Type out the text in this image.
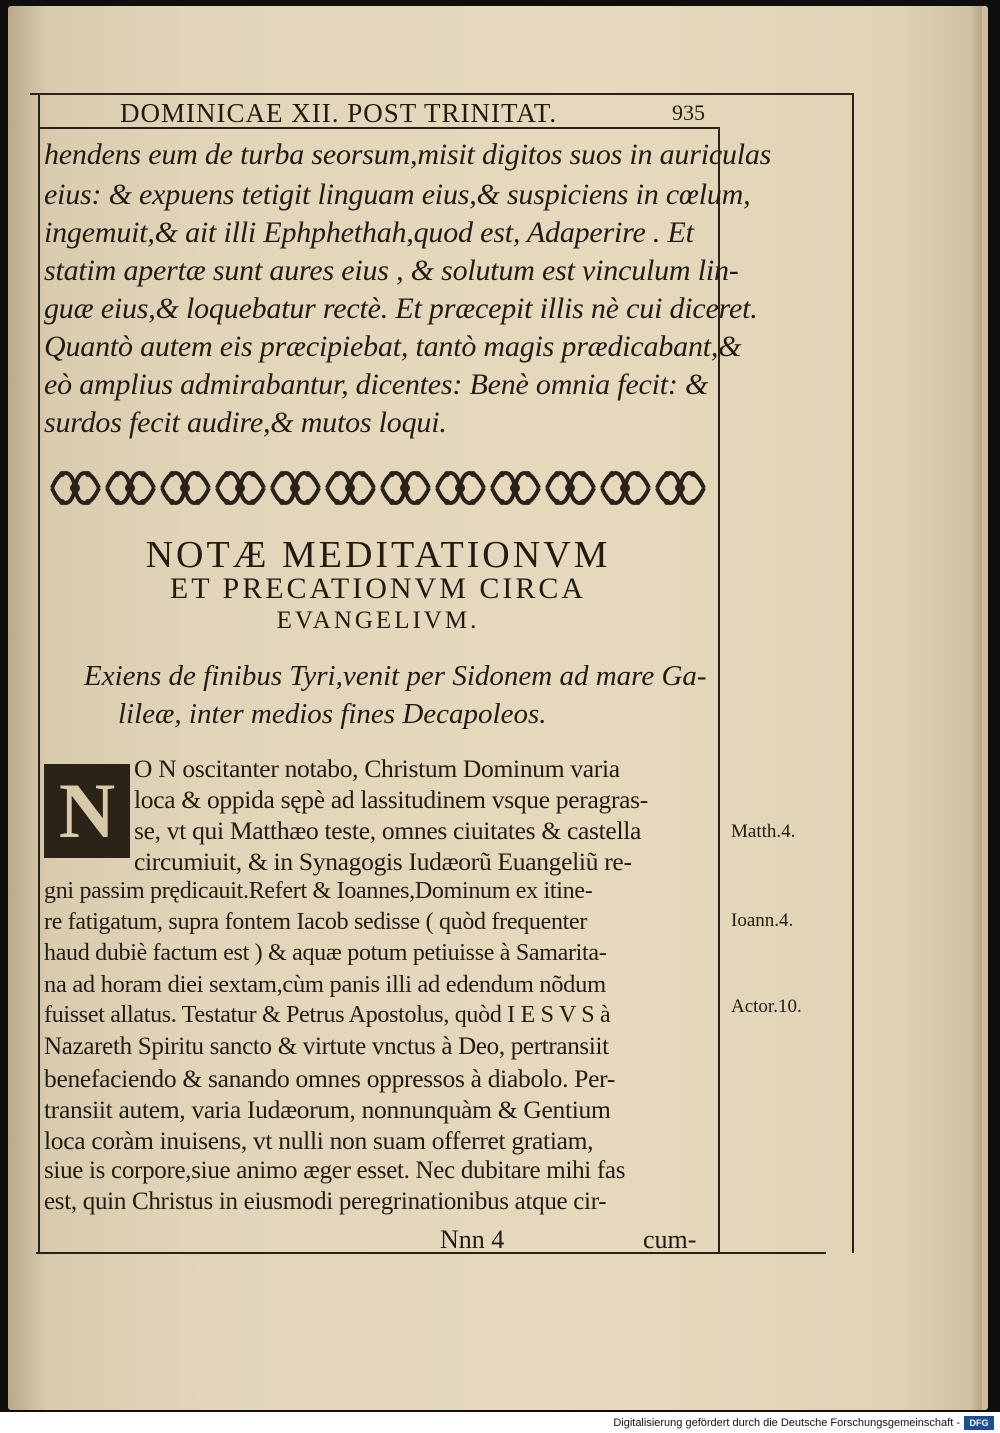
DOMINICAE XII. POST TRINITAT.	935
hendens eum de turba seorsum,misit digitos suos in auriculas
eius: & expuens tetigit linguam eius,& suspiciens in cœlum,
ingemuit,& ait illi Ephphethah,quod est, Adaperire . Et
statim apertæ sunt aures eius , & solutum est vinculum lin-
guæ eius,& loquebatur rectè. Et præcepit illis nè cui diceret.
Quantò autem eis præcipiebat, tantò magis prædicabant,&
eò amplius admirabantur, dicentes: Benè omnia fecit: &
surdos fecit audire,& mutos loqui.
NOTÆ MEDITATIONVM
ET PRECATIONVM CIRCA
EVANGELIVM.
Exiens de finibus Tyri,venit per Sidonem ad mare Ga-
lileæ, inter medios fines Decapoleos.
N O N oscitanter notabo, Christum Dominum varia
loca & oppida sępè ad lassitudinem vsque peragras-
se, vt qui Matthæo teste, omnes ciuitates & castella
circumiuit, & in Synagogis Iudæorũ Euangeliũ re-
gni passim prędicauit.Refert & Ioannes,Dominum ex itine-
re fatigatum, supra fontem Iacob sedisse ( quòd frequenter
haud dubiè factum est ) & aquæ potum petiuisse à Samarita-
na ad horam diei sextam,cùm panis illi ad edendum nõdum
fuisset allatus. Testatur & Petrus Apostolus, quòd I E S V S à
Nazareth Spiritu sancto & virtute vnctus à Deo, pertransiit
benefaciendo & sanando omnes oppressos à diabolo. Per-
transiit autem, varia Iudæorum, nonnunquàm & Gentium
loca coràm inuisens, vt nulli non suam offerret gratiam,
siue is corpore,siue animo æger esset. Nec dubitare mihi fas
est, quin Christus in eiusmodi peregrinationibus atque cir-
Matth.4.
Ioann.4.
Actor.10.
Nnn 4	cum-
Digitalisierung gefördert durch die Deutsche Forschungsgemeinschaft -	DFG
